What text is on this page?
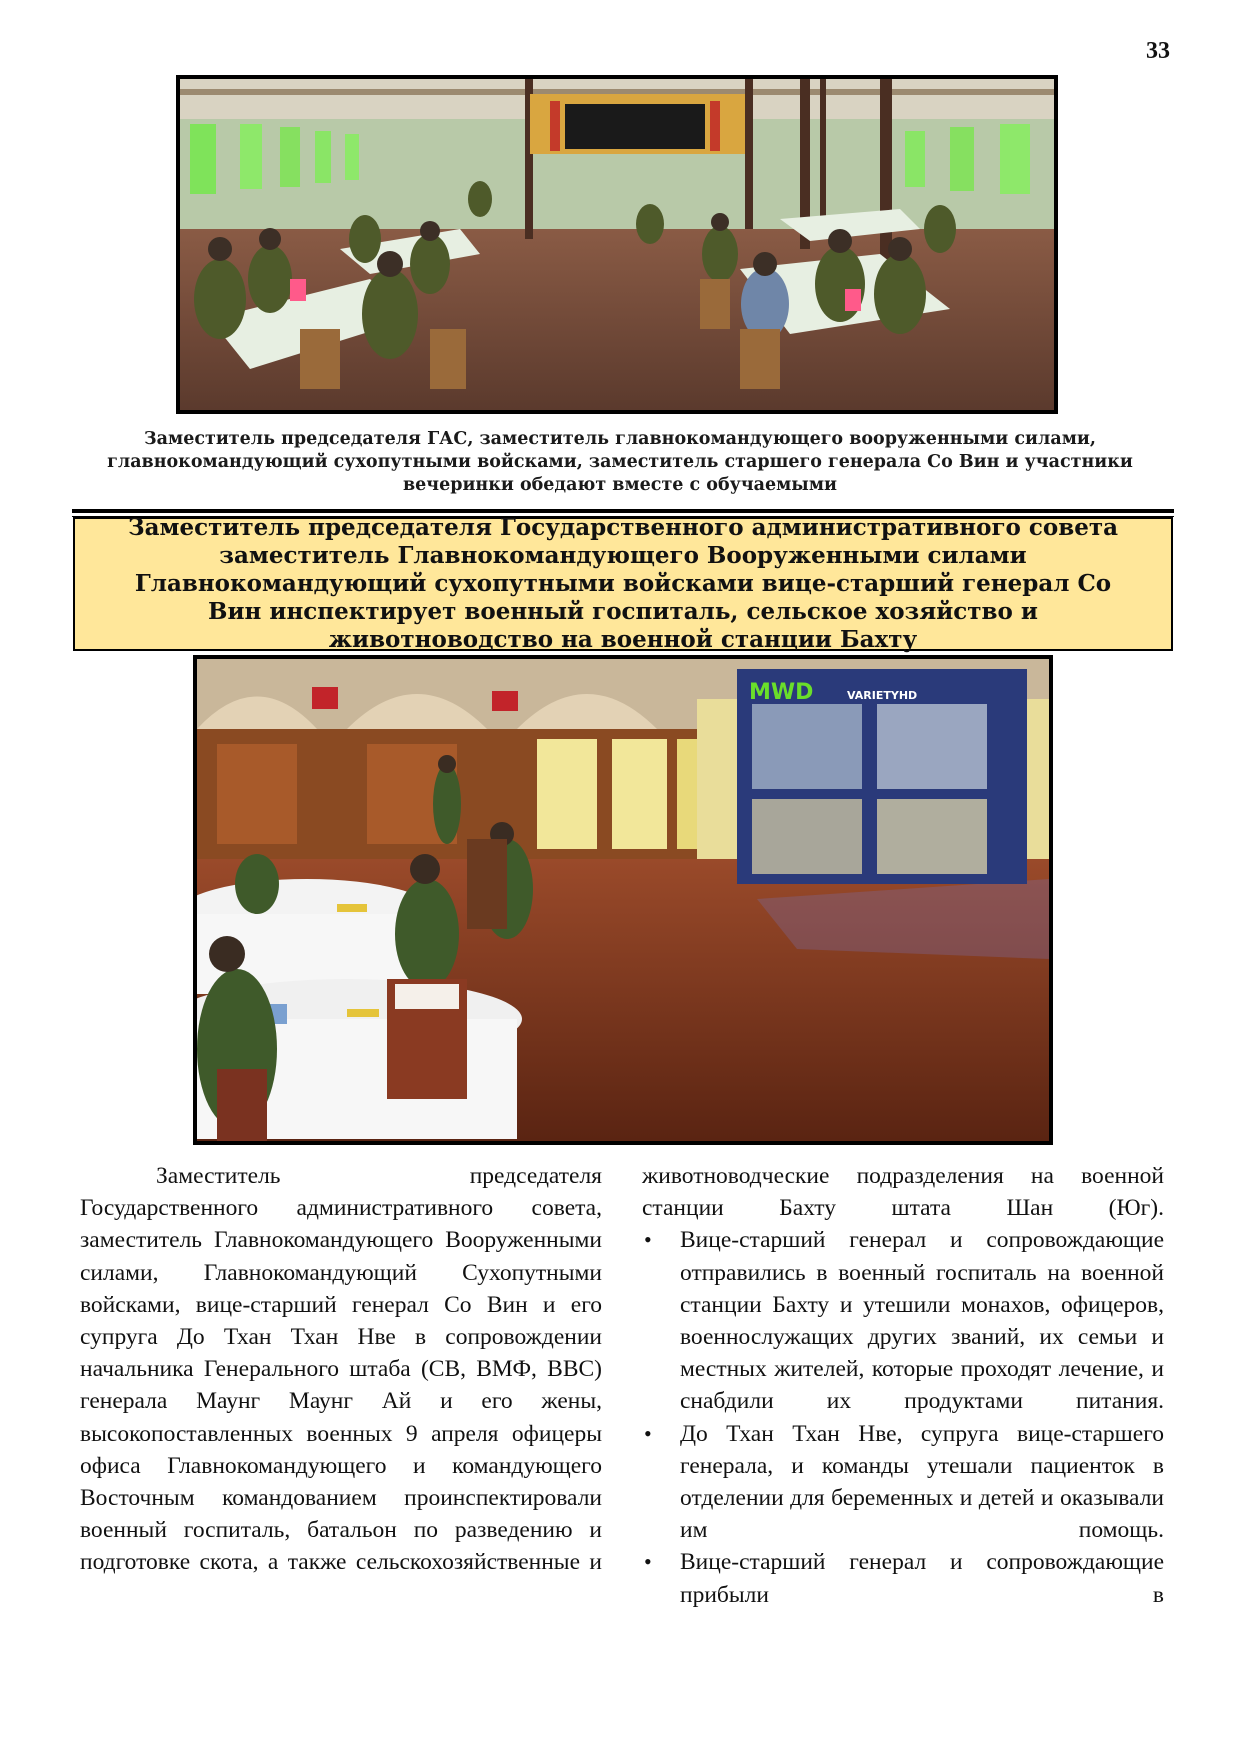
33
Заместитель председателя ГАС, заместитель главнокомандующего вооруженными силами, главнокомандующий сухопутными войсками, заместитель старшего генерала Со Вин и участники вечеринки обедают вместе с обучаемыми
Заместитель председателя Государственного административного совета заместитель Главнокомандующего Вооруженными силами Главнокомандующий сухопутными войсками вице-старший генерал Со Вин инспектирует военный госпиталь, сельское хозяйство и животноводство на военной станции Бахту
MWD	VARIETYHD

Заместитель председателя Государственного административного совета, заместитель Главнокомандующего Вооруженными силами, Главнокомандующий Сухопутными войсками, вице-старший генерал Со Вин и его супруга До Тхан Тхан Нве в сопровождении начальника Генерального штаба (СВ, ВМФ, ВВС) генерала Маунг Маунг Ай и его жены, высокопоставленных военных 9 апреля офицеры офиса Главнокомандующего и командующего Восточным командованием проинспектировали военный госпиталь, батальон по разведению и подготовке скота, а также сельскохозяйственные и

животноводческие подразделения на военной станции Бахту штата Шан (Юг).

• Вице-старший генерал и сопровождающие отправились в военный госпиталь на военной станции Бахту и утешили монахов, офицеров, военнослужащих других званий, их семьи и местных жителей, которые проходят лечение, и снабдили их продуктами питания.
• До Тхан Тхан Нве, супруга вице-старшего генерала, и команды утешали пациенток в отделении для беременных и детей и оказывали им помощь.
• Вице-старший генерал и сопровождающие прибыли в
